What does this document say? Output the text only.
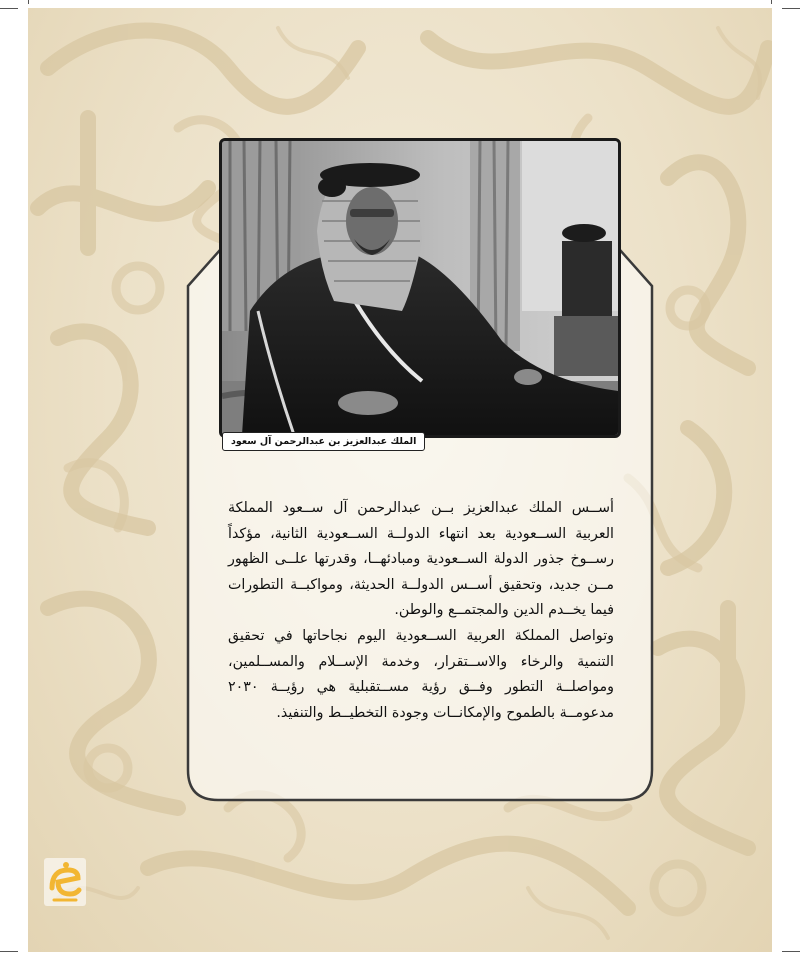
الملك عبدالعزيز بن عبدالرحمن آل سعود

أســس الملك عبدالعزيز بــن عبدالرحمن آل ســعود المملكة العربية الســعودية بعد انتهاء الدولــة الســعودية الثانية، مؤكداً رســوخ جذور الدولة الســعودية ومبادئهــا، وقدرتها علــى الظهور مــن جديد، وتحقيق أســس الدولــة الحديثة، ومواكبــة التطورات فيما يخــدم الدين والمجتمــع والوطن.

وتواصل المملكة العربية الســعودية اليوم نجاحاتها في تحقيق التنمية والرخاء والاســتقرار، وخدمة الإســلام والمســلمين، ومواصلــة التطور وفــق رؤية مســتقبلية هي رؤيــة ٢٠٣٠ مدعومــة بالطموح والإمكانــات وجودة التخطيــط والتنفيذ.
